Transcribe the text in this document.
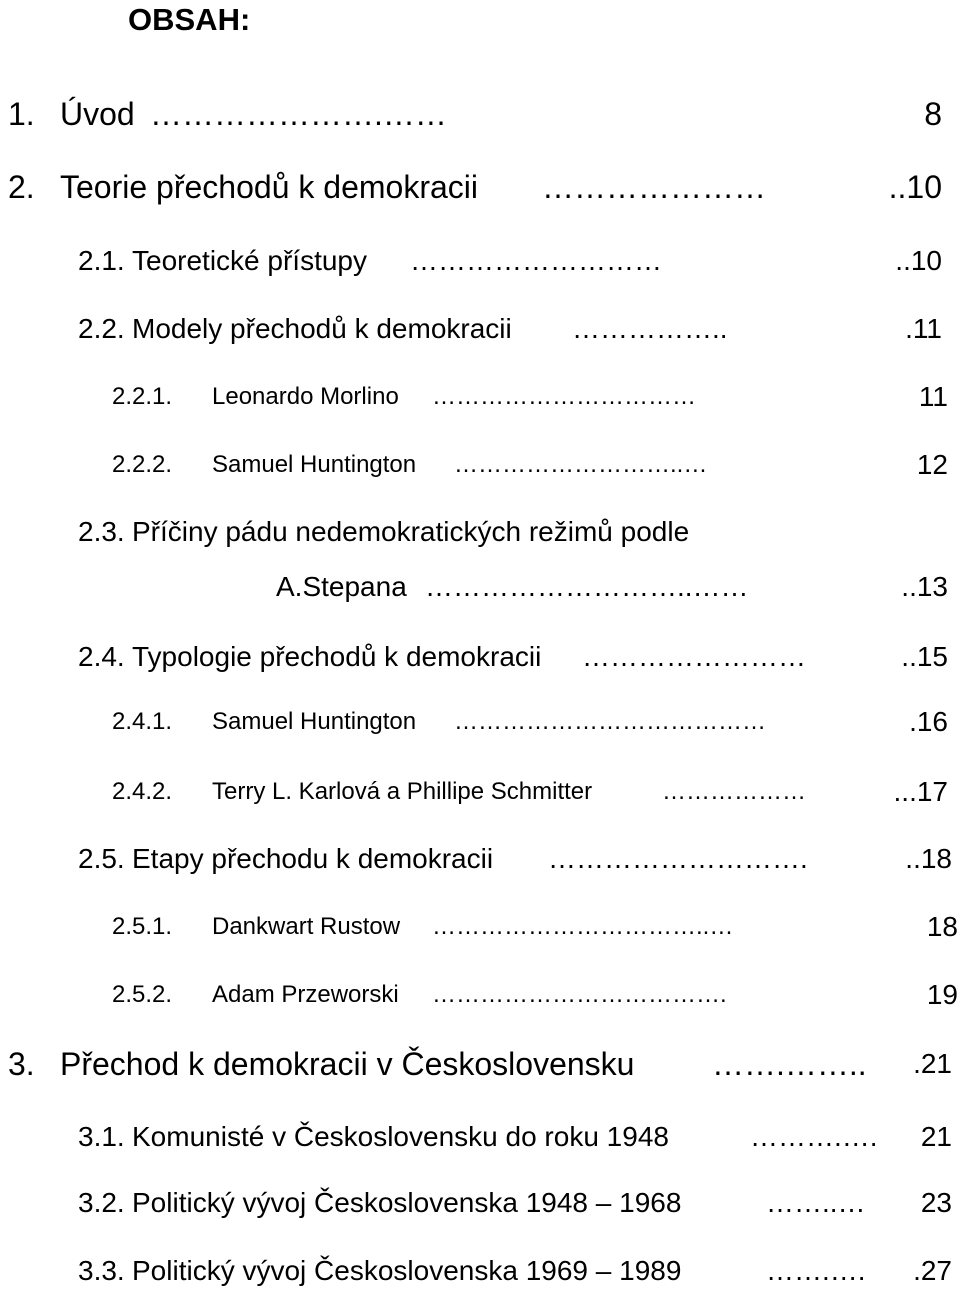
OBSAH:
1. Úvod ………………….……	8
2. Teorie přechodů k demokracii …………………	..10
2.1. Teoretické přístupy ………………………	..10
2.2. Modely přechodů k demokracii ……………..	.11
2.2.1. Leonardo Morlino ……………………………	11
2.2.2. Samuel Huntington ………………………..…	12
2.3. Příčiny pádu nedemokratických režimů podle
A.Stepana ………………………..……	..13
2.4. Typologie přechodů k demokracii ……………………	..15
2.4.1. Samuel Huntington …………………………………	.16
2.4.2. Terry L. Karlová a Phillipe Schmitter	………………	...17
2.5. Etapy přechodu k demokracii ……………………….	..18
2.5.1. Dankwart Rustow ……………………………..…	18
2.5.2. Adam Przeworski ……………………………….	19
3. Přechod k demokracii v Československu …….……..	.21
3.1. Komunisté v Československu do roku 1948	……….….	21
3.2. Politický vývoj Československa 1948 – 1968	……..…	23
3.3. Politický vývoj Československa 1969 – 1989	…….….	.27
